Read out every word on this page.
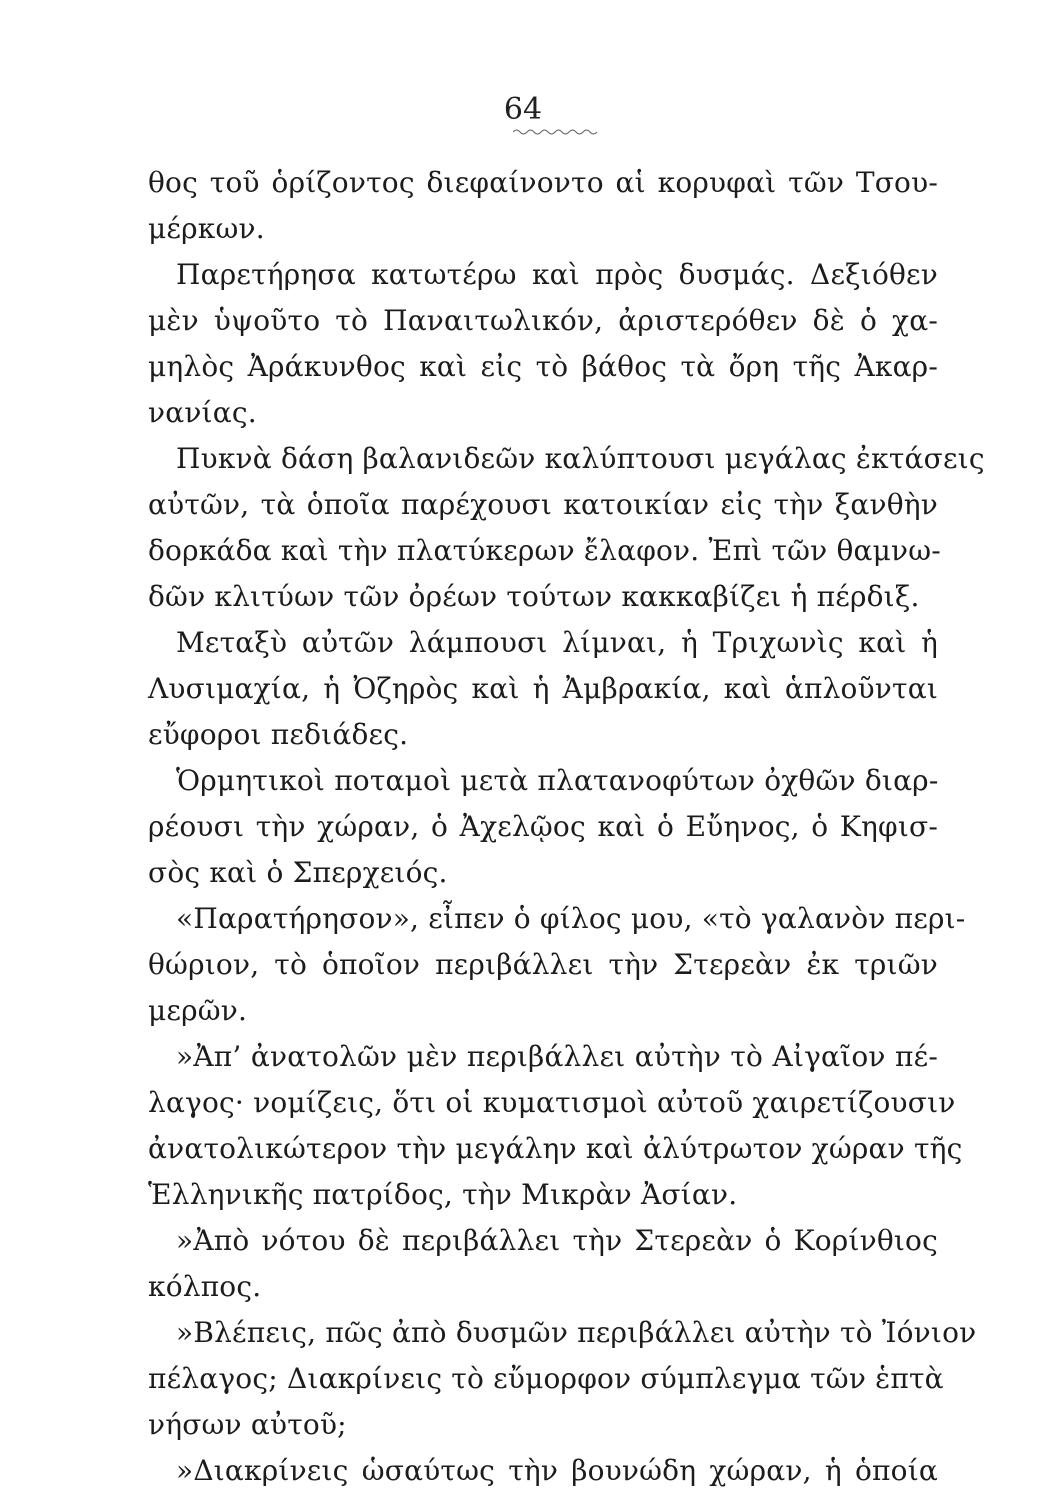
64
θος τοῦ ὁρίζοντος διεφαίνοντο αἱ κορυφαὶ τῶν Τσου-
μέρκων.
Παρετήρησα κατωτέρω καὶ πρὸς δυσμάς. Δεξιόθεν
μὲν ὑψοῦτο τὸ Παναιτωλικόν, ἀριστερόθεν δὲ ὁ χα-
μηλὸς Ἀράκυνθος καὶ εἰς τὸ βάθος τὰ ὄρη τῆς Ἀκαρ-
νανίας.
Πυκνὰ δάση βαλανιδεῶν καλύπτουσι μεγάλας ἐκτάσεις
αὐτῶν, τὰ ὁποῖα παρέχουσι κατοικίαν εἰς τὴν ξανθὴν
δορκάδα καὶ τὴν πλατύκερων ἔλαφον. Ἐπὶ τῶν θαμνω-
δῶν κλιτύων τῶν ὀρέων τούτων κακκαβίζει ἡ πέρδιξ.
Μεταξὺ αὐτῶν λάμπουσι λίμναι, ἡ Τριχωνὶς καὶ ἡ
Λυσιμαχία, ἡ Ὀζηρὸς καὶ ἡ Ἀμβρακία, καὶ ἁπλοῦνται
εὔφοροι πεδιάδες.
Ὁρμητικοὶ ποταμοὶ μετὰ πλατανοφύτων ὀχθῶν διαρ-
ρέουσι τὴν χώραν, ὁ Ἀχελῷος καὶ ὁ Εὔηνος, ὁ Κηφισ-
σὸς καὶ ὁ Σπερχειός.
«Παρατήρησον», εἶπεν ὁ φίλος μου, «τὸ γαλανὸν περι-
θώριον, τὸ ὁποῖον περιβάλλει τὴν Στερεὰν ἐκ τριῶν
μερῶν.
»Ἀπ’ ἀνατολῶν μὲν περιβάλλει αὐτὴν τὸ Αἰγαῖον πέ-
λαγος· νομίζεις, ὅτι οἱ κυματισμοὶ αὐτοῦ χαιρετίζουσιν
ἀνατολικώτερον τὴν μεγάλην καὶ ἀλύτρωτον χώραν τῆς
Ἑλληνικῆς πατρίδος, τὴν Μικρὰν Ἀσίαν.
»Ἀπὸ νότου δὲ περιβάλλει τὴν Στερεὰν ὁ Κορίνθιος
κόλπος.
»Βλέπεις, πῶς ἀπὸ δυσμῶν περιβάλλει αὐτὴν τὸ Ἰόνιον
πέλαγος; Διακρίνεις τὸ εὔμορφον σύμπλεγμα τῶν ἑπτὰ
νήσων αὐτοῦ;
»Διακρίνεις ὡσαύτως τὴν βουνώδη χώραν, ἡ ὁποία
